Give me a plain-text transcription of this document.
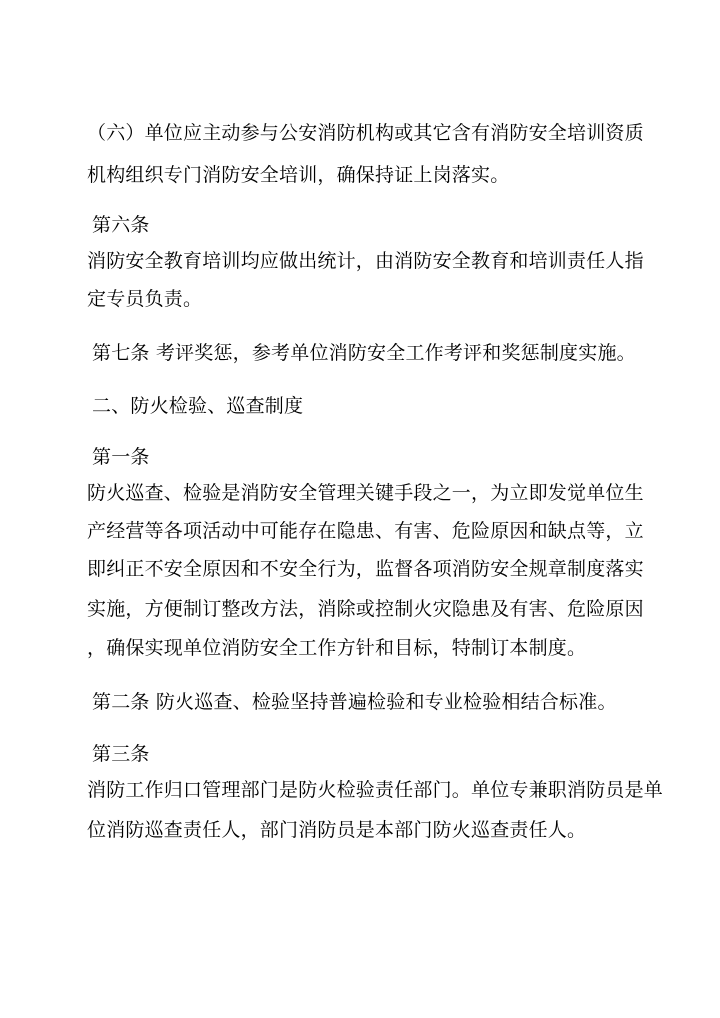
（六）单位应主动参与公安消防机构或其它含有消防安全培训资质

机构组织专门消防安全培训，确保持证上岗落实。

第六条

消防安全教育培训均应做出统计，由消防安全教育和培训责任人指

定专员负责。

第七条 考评奖惩，参考单位消防安全工作考评和奖惩制度实施。

二、防火检验、巡查制度

第一条

防火巡查、检验是消防安全管理关键手段之一，为立即发觉单位生

产经营等各项活动中可能存在隐患、有害、危险原因和缺点等，立

即纠正不安全原因和不安全行为，监督各项消防安全规章制度落实

实施，方便制订整改方法，消除或控制火灾隐患及有害、危险原因

，确保实现单位消防安全工作方针和目标，特制订本制度。

第二条 防火巡查、检验坚持普遍检验和专业检验相结合标准。

第三条

消防工作归口管理部门是防火检验责任部门。单位专兼职消防员是单

位消防巡查责任人，部门消防员是本部门防火巡查责任人。
